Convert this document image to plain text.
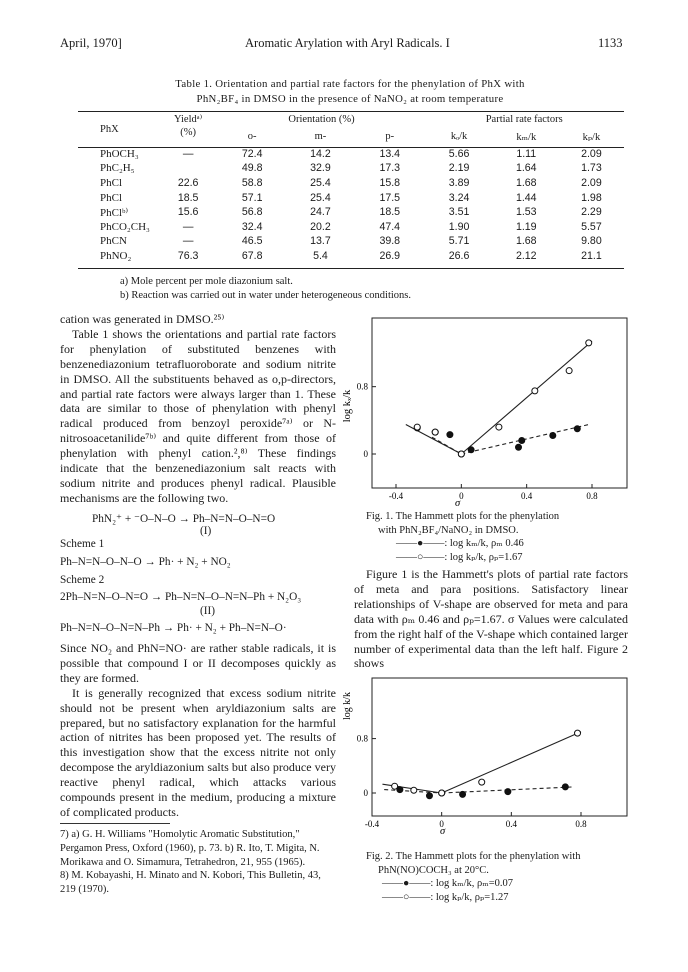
April, 1970]	Aromatic Arylation with Aryl Radicals. I	1133
Table 1. Orientation and partial rate factors for the phenylation of PhX with
PhN₂BF₄ in DMSO in the presence of NaNO₂ at room temperature
PhX	Yieldᵃ⁾	Orientation (%)			Partial rate factors		
	(%)	o-	m-	p-	kₒ/k	kₘ/k	kₚ/k
PhOCH₃	—	72.4	14.2	13.4	5.66	1.11	2.09
PhC₂H₅		49.8	32.9	17.3	2.19	1.64	1.73
PhCl	22.6	58.8	25.4	15.8	3.89	1.68	2.09
PhCl	18.5	57.1	25.4	17.5	3.24	1.44	1.98
PhClᵇ⁾	15.6	56.8	24.7	18.5	3.51	1.53	2.29
PhCO₂CH₃	—	32.4	20.2	47.4	1.90	1.19	5.57
PhCN	—	46.5	13.7	39.8	5.71	1.68	9.80
PhNO₂	76.3	67.8	5.4	26.9	26.6	2.12	21.1
a) Mole percent per mole diazonium salt.
b) Reaction was carried out in water under heterogeneous conditions.

cation was generated in DMSO.²⁵⁾

Table 1 shows the orientations and partial rate factors for phenylation of substituted benzenes with benzenediazonium tetrafluoroborate and sodium nitrite in DMSO. All the substituents behaved as o,p-directors, and partial rate factors were always larger than 1. These data are similar to those of phenylation with phenyl radical produced from benzoyl peroxide⁷ᵃ⁾ or N-nitrosoacetanilide⁷ᵇ⁾ and quite different from those of phenylation with phenyl cation.²,⁸⁾ These findings indicate that the benzenediazonium salt reacts with sodium nitrite and produces phenyl radical. Plausible mechanisms are the following two.

PhN₂⁺ + ⁻O–N–O → Ph–N=N–O–N=O
(I)
Scheme 1
Ph–N=N–O–N–O → Ph· + N₂ + NO₂
Scheme 2
2Ph–N=N–O–N=O → Ph–N=N–O–N=N–Ph + N₂O₃
(II)
Ph–N=N–O–N=N–Ph → Ph· + N₂ + Ph–N=N–O·

Since NO₂ and PhN=NO· are rather stable radicals, it is possible that compound I or II decomposes quickly as they are formed.

It is generally recognized that excess sodium nitrite should not be present when aryldiazonium salts are prepared, but no satisfactory explanation for the harmful action of nitrites has been proposed yet. The results of this investigation show that the excess nitrite not only decompose the aryldiazonium salts but also produce very reactive phenyl radical, which attacks various compounds present in the medium, producing a mixture of complicated products.

7) a) G. H. Williams "Homolytic Aromatic Substitution," Pergamon Press, Oxford (1960), p. 73. b) R. Ito, T. Migita, N. Morikawa and O. Simamura, Tetrahedron, 21, 955 (1965).
8) M. Kobayashi, H. Minato and N. Kobori, This Bulletin, 43, 219 (1970).
-0.4	0	0.4	0.8
0
0.8
log kₓ/k
σ
Fig. 1. The Hammett plots for the phenylation
with PhN₂BF₄/NaNO₂ in DMSO.
——●——: log kₘ/k, ρₘ 0.46
——○——: log kₚ/k, ρₚ=1.67

Figure 1 is the Hammett's plots of partial rate factors of meta and para positions. Satisfactory linear relationships of V-shape are observed for meta and para data with ρₘ 0.46 and ρₚ=1.67. σ Values were calculated from the right half of the V-shape which contained larger number of experimental data than the left half. Figure 2 shows

-0.4	0	0.4	0.8
0
0.8
log k/k
σ
Fig. 2. The Hammett plots for the phenylation with
PhN(NO)COCH₃ at 20°C.
——●——: log kₘ/k, ρₘ=0.07
——○——: log kₚ/k, ρₚ=1.27
